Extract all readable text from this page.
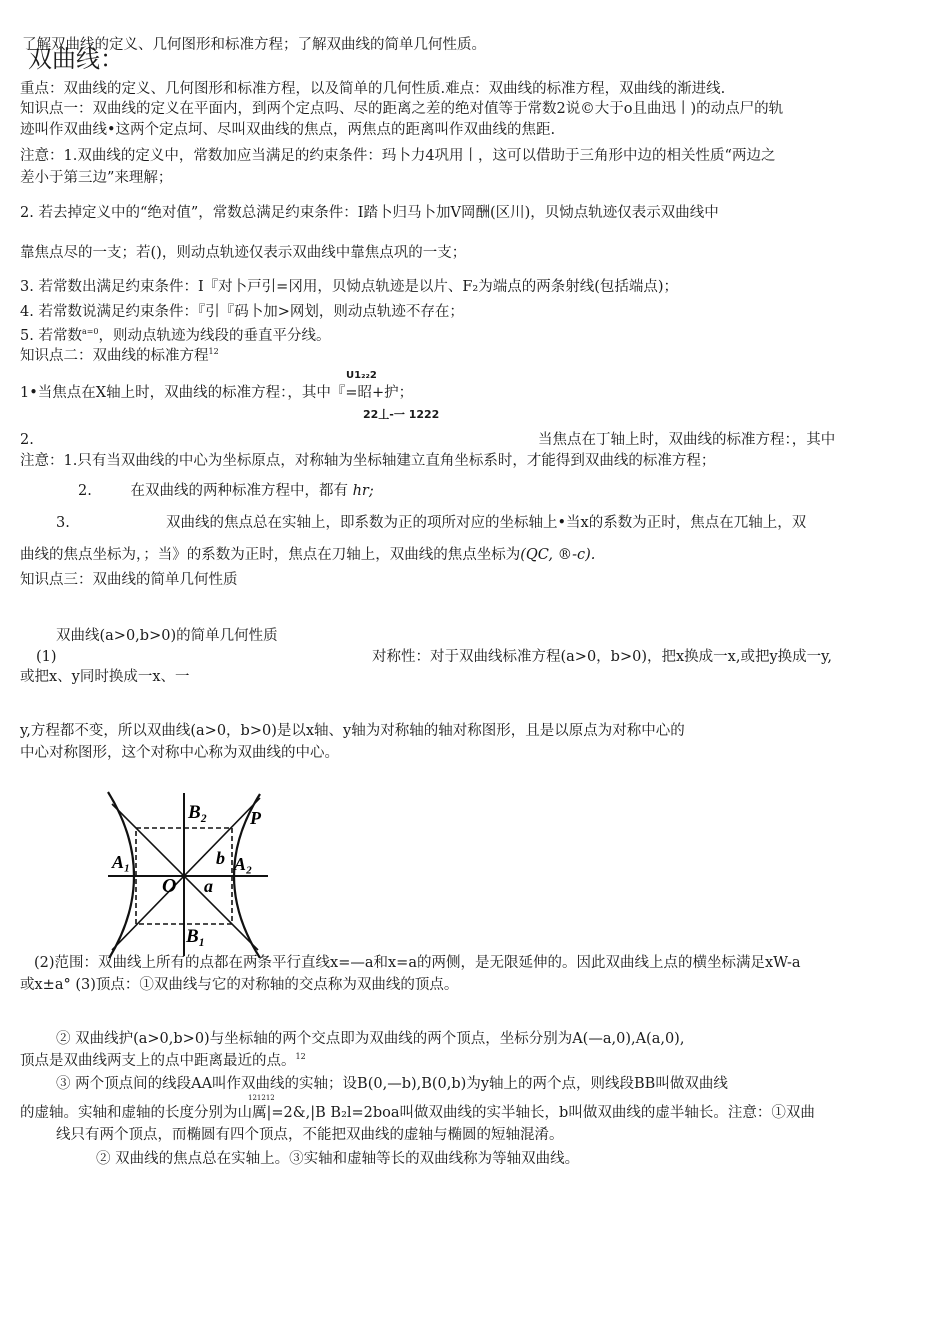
了解双曲线的定义、几何图形和标准方程；了解双曲线的简单几何性质。
双曲线：
重点：双曲线的定义、几何图形和标准方程，以及简单的几何性质.难点：双曲线的标准方程，双曲线的渐进线.
知识点一：双曲线的定义在平面内，到两个定点吗、尽的距离之差的绝对值等于常数2说©大于o且曲迅丨)的动点尸的轨
迹叫作双曲线•这两个定点坷、尽叫双曲线的焦点，两焦点的距离叫作双曲线的焦距.
注意：1.双曲线的定义中，常数加应当满足的约束条件：玛卜力4巩用丨，这可以借助于三角形中边的相关性质“两边之
差小于第三边”来理解；
2. 若去掉定义中的“绝对值”，常数总满足约束条件：I踏卜归马卜加V岡酬(区川)，贝恸点轨迹仅表示双曲线中
靠焦点尽的一支；若()，则动点轨迹仅表示双曲线中靠焦点巩的一支；
3. 若常数出满足约束条件：I『对卜戸引=冈用，贝恸点轨迹是以片、F₂为端点的两条射线(包括端点)；
4. 若常数说满足约束条件：『引『码卜加>网划，则动点轨迹不存在；
5. 若常数$^{a=0}$，则动点轨迹为线段的垂直平分线。
知识点二：双曲线的标准方程$^{12}$
U1₂₂2
1•当焦点在X轴上时，双曲线的标准方程：，其中『=昭+护；
22丄-一 1222
2.	当焦点在丁轴上时，双曲线的标准方程：，其中
注意：1.只有当双曲线的中心为坐标原点，对称轴为坐标轴建立直角坐标系时，才能得到双曲线的标准方程；
2.	在双曲线的两种标准方程中，都有 hr;
3.	双曲线的焦点总在实轴上，即系数为正的项所对应的坐标轴上•当x的系数为正时，焦点在兀轴上，双
曲线的焦点坐标为，；当》的系数为正时，焦点在刀轴上，双曲线的焦点坐标为(QC, ®-c).
知识点三：双曲线的简单几何性质
双曲线(a>0,b>0)的简单几何性质
(1)	对称性：对于双曲线标准方程(a>0，b>0)，把x换成一x,或把y换成一y,
或把x、y同时换成一x、一
y,方程都不变，所以双曲线(a>0，b>0)是以x轴、y轴为对称轴的轴对称图形，且是以原点为对称中心的
中心对称图形，这个对称中心称为双曲线的中心。
B₂ P
A₁	b A₂
O a
B₁
(2)范围：双曲线上所有的点都在两条平行直线x=—a和x=a的两侧，是无限延伸的。因此双曲线上点的横坐标满足xW-a
或x±a° (3)顶点：①双曲线与它的对称轴的交点称为双曲线的顶点。
② 双曲线护(a>0,b>0)与坐标轴的两个交点即为双曲线的两个顶点，坐标分别为A(—a,0),A(a,0),
顶点是双曲线两支上的点中距离最近的点。$^{12}$
③ 两个顶点间的线段AA叫作双曲线的实轴；设B(0,—b),B(0,b)为y轴上的两个点，则线段BB叫做双曲线
121212
的虚轴。实轴和虚轴的长度分别为山厲|=2&,|B B₂l=2boa叫做双曲线的实半轴长，b叫做双曲线的虚半轴长。注意：①双曲
线只有两个顶点，而椭圆有四个顶点，不能把双曲线的虚轴与椭圆的短轴混淆。
② 双曲线的焦点总在实轴上。③实轴和虚轴等长的双曲线称为等轴双曲线。
